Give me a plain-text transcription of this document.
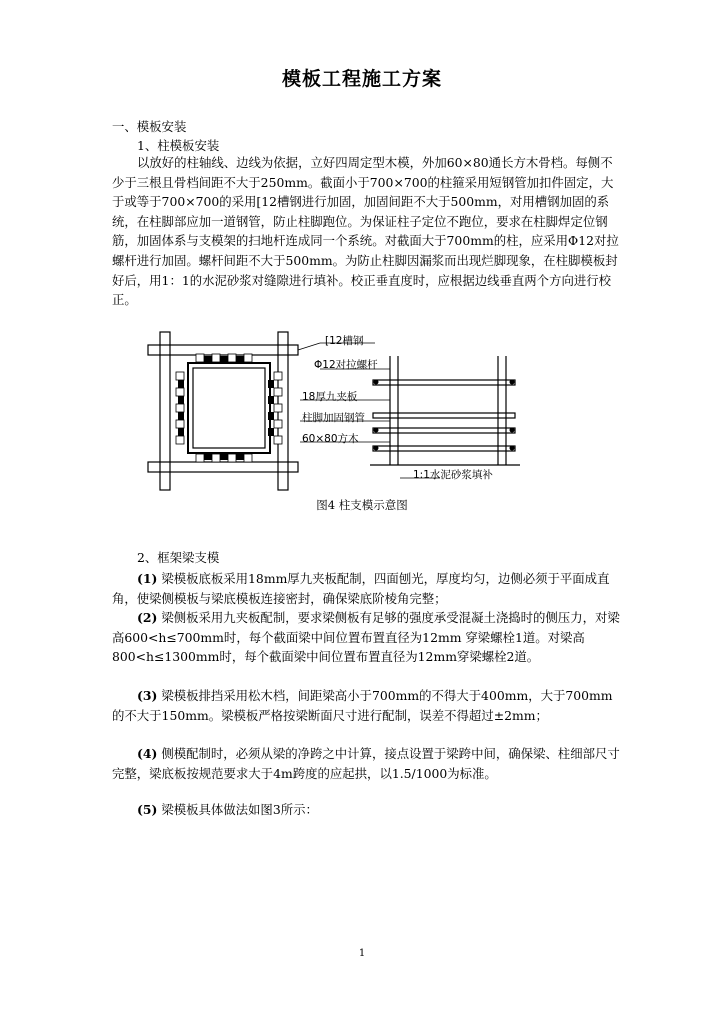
模板工程施工方案
一、模板安装
1、柱模板安装

以放好的柱轴线、边线为依据，立好四周定型木模，外加60×80通长方木骨档。每侧不少于三根且骨档间距不大于250mm。截面小于700×700的柱箍采用短钢管加扣件固定，大于或等于700×700的采用[12槽钢进行加固，加固间距不大于500mm，对用槽钢加固的系统，在柱脚部应加一道钢管，防止柱脚跑位。为保证柱子定位不跑位，要求在柱脚焊定位钢筋，加固体系与支模架的扫地杆连成同一个系统。对截面大于700mm的柱，应采用Φ12对拉螺杆进行加固。螺杆间距不大于500mm。为防止柱脚因漏浆而出现烂脚现象，在柱脚模板封好后，用1：1的水泥砂浆对缝隙进行填补。校正垂直度时，应根据边线垂直两个方向进行校正。

[12槽钢
Φ12对拉螺杆
18厚九夹板
柱脚加固钢管
60×80方木
1:1水泥砂浆填补
图4 柱支模示意图
2、框架梁支模

(1) 梁模板底板采用18mm厚九夹板配制，四面刨光，厚度均匀，边侧必须于平面成直角，使梁侧模板与梁底模板连接密封，确保梁底阶棱角完整；

(2) 梁侧板采用九夹板配制，要求梁侧板有足够的强度承受混凝土浇捣时的侧压力，对梁高600<h≤700mm时，每个截面梁中间位置布置直径为12mm 穿梁螺栓1道。对梁高800<h≤1300mm时，每个截面梁中间位置布置直径为12mm穿梁螺栓2道。

(3) 梁模板排挡采用松木档，间距梁高小于700mm的不得大于400mm，大于700mm的不大于150mm。梁模板严格按梁断面尺寸进行配制，误差不得超过±2mm；

(4) 侧模配制时，必须从梁的净跨之中计算，接点设置于梁跨中间，确保梁、柱细部尺寸完整，梁底板按规范要求大于4m跨度的应起拱，以1.5/1000为标准。

(5) 梁模板具体做法如图3所示：

1
